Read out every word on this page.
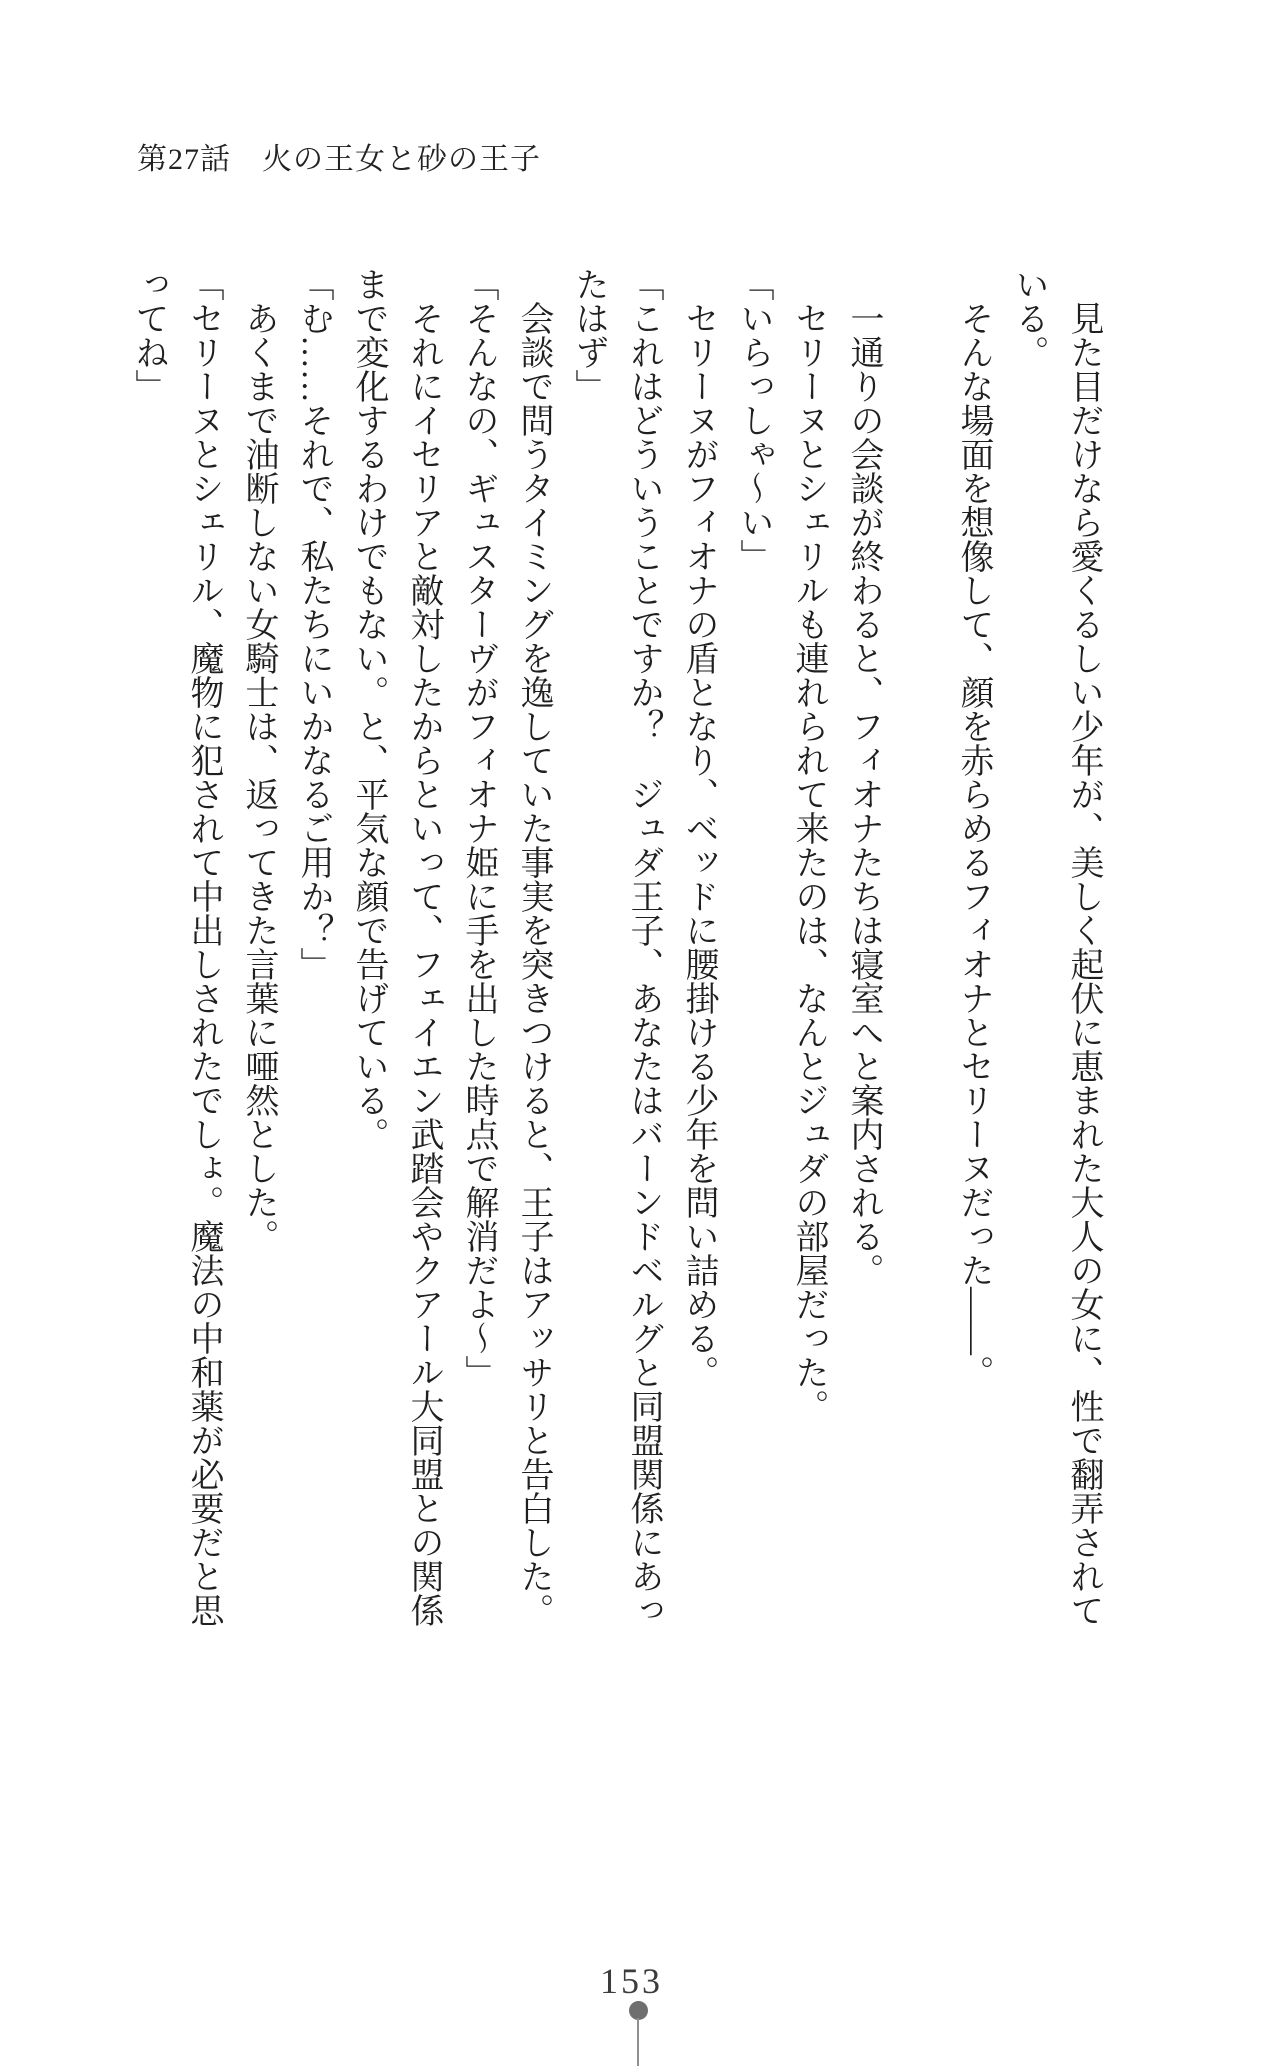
第27話　火の王女と砂の王子

　見た目だけなら愛くるしい少年が、美しく起伏に恵まれた大人の女に、性で翻弄されている。

　そんな場面を想像して、顔を赤らめるフィオナとセリーヌだった――。

　一通りの会談が終わると、フィオナたちは寝室へと案内される。

　セリーヌとシェリルも連れられて来たのは、なんとジュダの部屋だった。

「いらっしゃ～い」

　セリーヌがフィオナの盾となり、ベッドに腰掛ける少年を問い詰める。

「これはどういうことですか？　ジュダ王子、あなたはバーンドベルグと同盟関係にあったはず」

　会談で問うタイミングを逸していた事実を突きつけると、王子はアッサリと告白した。

「そんなの、ギュスターヴがフィオナ姫に手を出した時点で解消だよ～」

　それにイセリアと敵対したからといって、フェイエン武踏会やクアール大同盟との関係まで変化するわけでもない。と、平気な顔で告げている。

「む……それで、私たちにいかなるご用か？」

　あくまで油断しない女騎士は、返ってきた言葉に唖然とした。

「セリーヌとシェリル、魔物に犯されて中出しされたでしょ。魔法の中和薬が必要だと思ってね」

153
